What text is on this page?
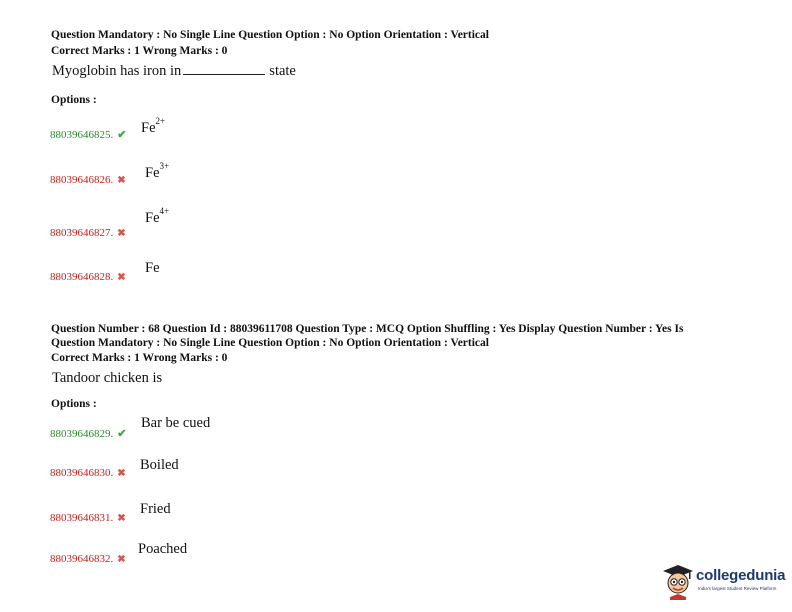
Question Mandatory : No Single Line Question Option : No Option Orientation : Vertical
Correct Marks : 1 Wrong Marks : 0
Myoglobin has iron in	state
Options :
88039646825. ✔ $Fe^{2+}$
88039646826. ✖ $Fe^{3+}$
88039646827. ✖
$Fe^{4+}$
88039646828. ✖
Fe
Question Number : 68 Question Id : 88039611708 Question Type : MCQ Option Shuffling : Yes Display Question Number : Yes Is
Question Mandatory : No Single Line Question Option : No Option Orientation : Vertical
Correct Marks : 1 Wrong Marks : 0
Tandoor chicken is
Options :
88039646829. ✔
Bar be cued
88039646830. ✖
Boiled
88039646831. ✖
Fried
88039646832. ✖
Poached
collegedunia
India's largest Student Review Platform
